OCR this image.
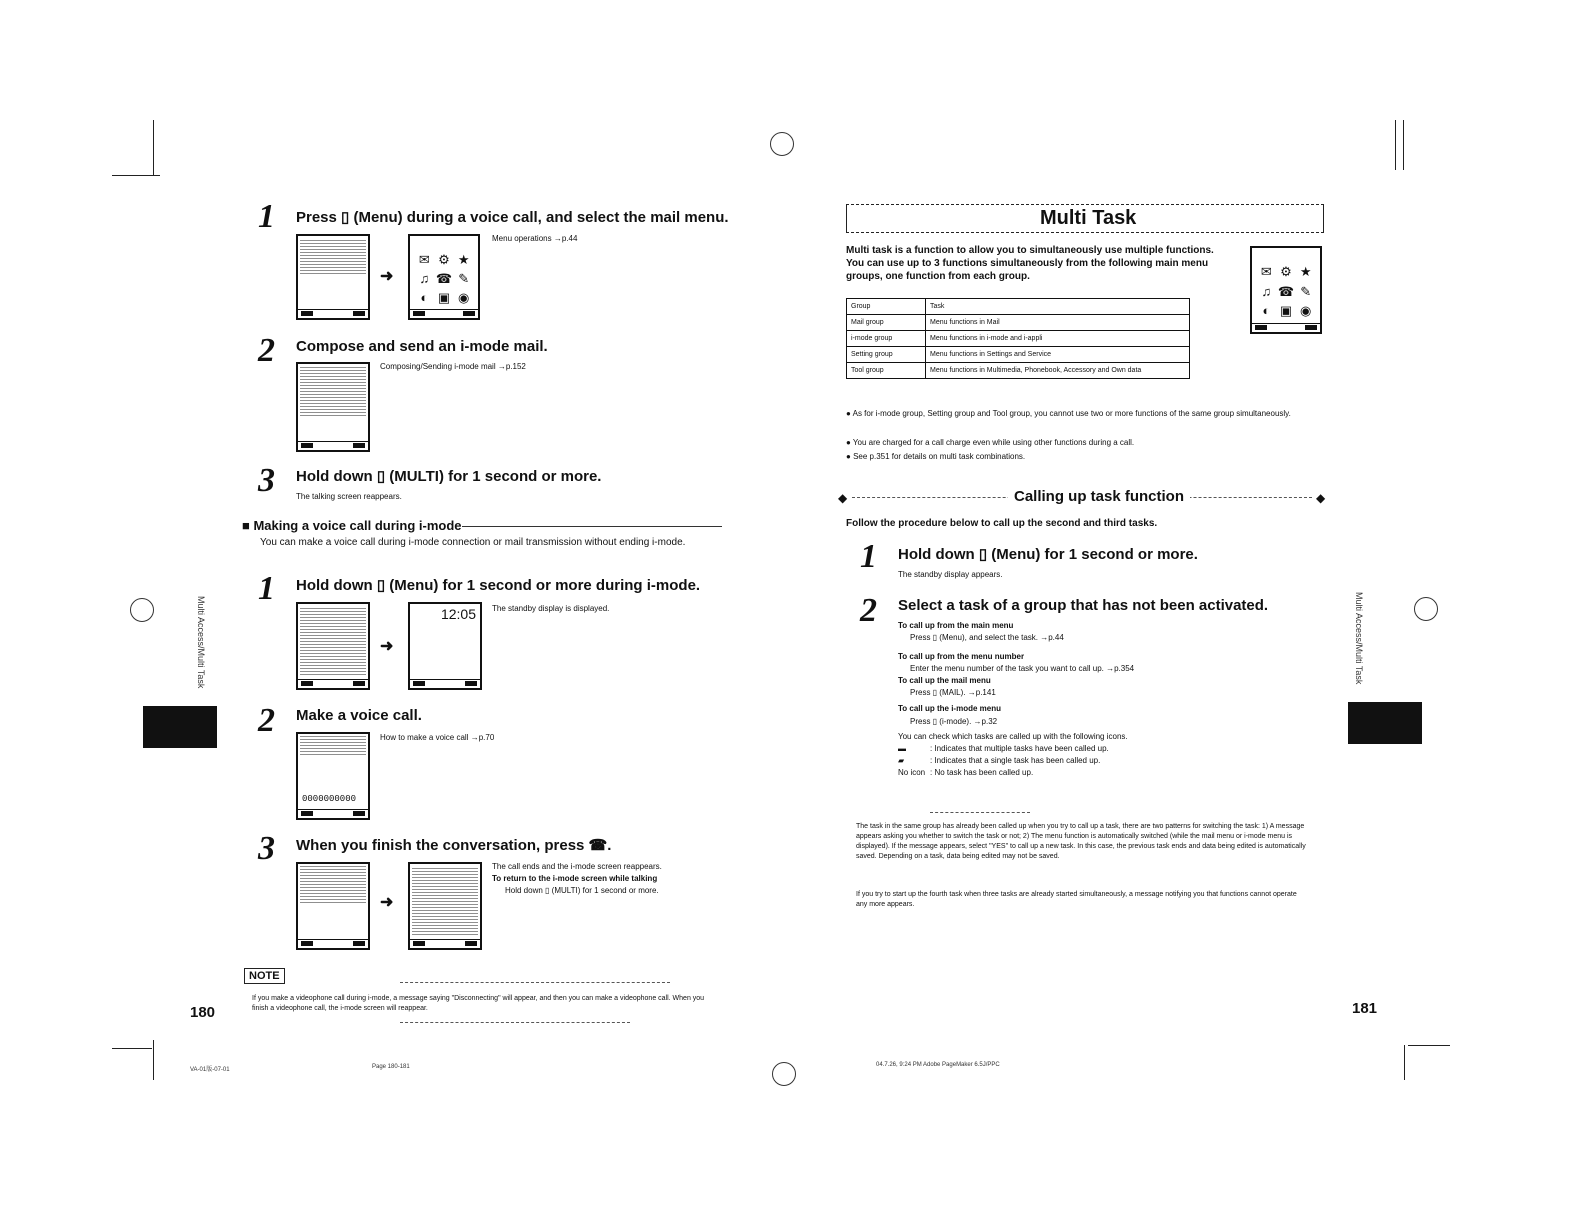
1 Press ▯ (Menu) during a voice call, and select the mail menu.
➜
✉ ⚙ ★
♫ ☎ ✎
◐ ▣ ◉
Menu operations →p.44
2 Compose and send an i-mode mail.
Composing/Sending i-mode mail →p.152
3 Hold down ▯ (MULTI) for 1 second or more.
The talking screen reappears.
■ Making a voice call during i-mode
You can make a voice call during i-mode connection or mail transmission without ending i-mode.
1 Hold down ▯ (Menu) for 1 second or more during i-mode.
➜
12:05 The standby display is displayed.
2 Make a voice call.
0000000000
How to make a voice call →p.70
3 When you finish the conversation, press ☎.
➜
The call ends and the i-mode screen reappears.
To return to the i-mode screen while talking
Hold down ▯ (MULTI) for 1 second or more.
NOTE
If you make a videophone call during i-mode, a message saying "Disconnecting" will appear, and then you can make a videophone call. When you finish a videophone call, the i-mode screen will reappear.
Multi Access/Multi Task
180
Multi Task
Multi task is a function to allow you to simultaneously use multiple functions. You can use up to 3 functions simultaneously from the following main menu groups, one function from each group.	✉ ⚙ ★
♫ ☎ ✎
◐ ▣ ◉
Group	Task
Mail group	Menu functions in Mail
i-mode group	Menu functions in i-mode and i-appli
Setting group	Menu functions in Settings and Service
Tool group	Menu functions in Multimedia, Phonebook, Accessory and Own data
● As for i-mode group, Setting group and Tool group, you cannot use two or more functions of the same group simultaneously.
● You are charged for a call charge even while using other functions during a call.
● See p.351 for details on multi task combinations.
◆	◆
Calling up task function
Follow the procedure below to call up the second and third tasks.
1 Hold down ▯ (Menu) for 1 second or more.
The standby display appears.
2 Select a task of a group that has not been activated.
To call up from the main menu
Press ▯ (Menu), and select the task. →p.44
To call up from the menu number
Enter the menu number of the task you want to call up. →p.354
To call up the mail menu
Press ▯ (MAIL). →p.141
To call up the i-mode menu
Press ▯ (i-mode). →p.32
You can check which tasks are called up with the following icons.
▬	: Indicates that multiple tasks have been called up.
▰	: Indicates that a single task has been called up.
No icon : No task has been called up.
The task in the same group has already been called up when you try to call up a task, there are two patterns for switching the task: 1) A message appears asking you whether to switch the task or not; 2) The menu function is automatically switched (while the mail menu or i-mode menu is displayed). If the message appears, select "YES" to call up a new task. In this case, the previous task ends and data being edited is automatically saved. Depending on a task, data being edited may not be saved.
If you try to start up the fourth task when three tasks are already started simultaneously, a message notifying you that functions cannot operate any more appears.
Multi Access/Multi Task
181
VA-01版-07-01	Page 180-181	04.7.26, 9:24 PM Adobe PageMaker 6.5J/PPC
